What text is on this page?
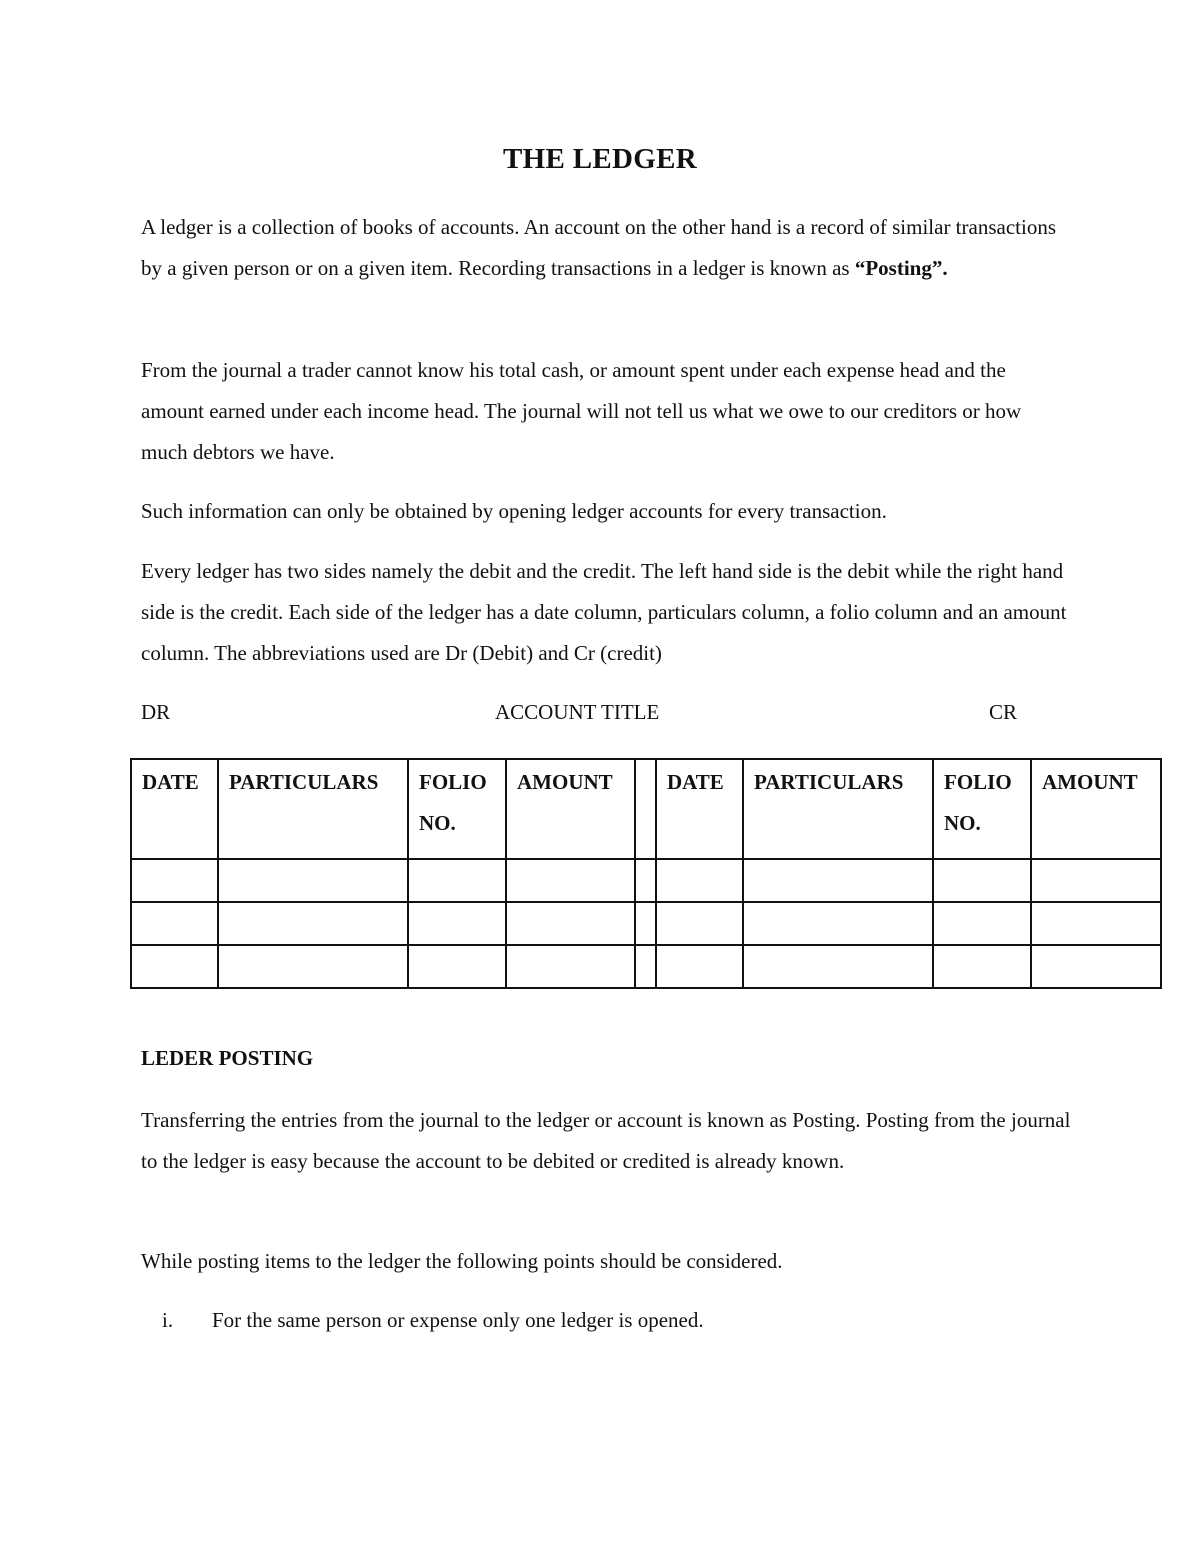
THE LEDGER

A ledger is a collection of books of accounts. An account on the other hand is a record of similar transactions by a given person or on a given item. Recording transactions in a ledger is known as “Posting”.

From the journal a trader cannot know his total cash, or amount spent under each expense head and the amount earned under each income head. The journal will not tell us what we owe to our creditors or how much debtors we have.

Such information can only be obtained by opening ledger accounts for every transaction.

Every ledger has two sides namely the debit and the credit. The left hand side is the debit while the right hand side is the credit. Each side of the ledger has a date column, particulars column, a folio column and an amount column. The abbreviations used are Dr (Debit) and Cr (credit)

DR	ACCOUNT TITLE	CR
DATE	PARTICULARS	FOLIO NO.	AMOUNT		DATE	PARTICULARS	FOLIO NO.	AMOUNT

LEDER POSTING

Transferring the entries from the journal to the ledger or account is known as Posting. Posting from the journal to the ledger is easy because the account to be debited or credited is already known.

While posting items to the ledger the following points should be considered.

i. For the same person or expense only one ledger is opened.
